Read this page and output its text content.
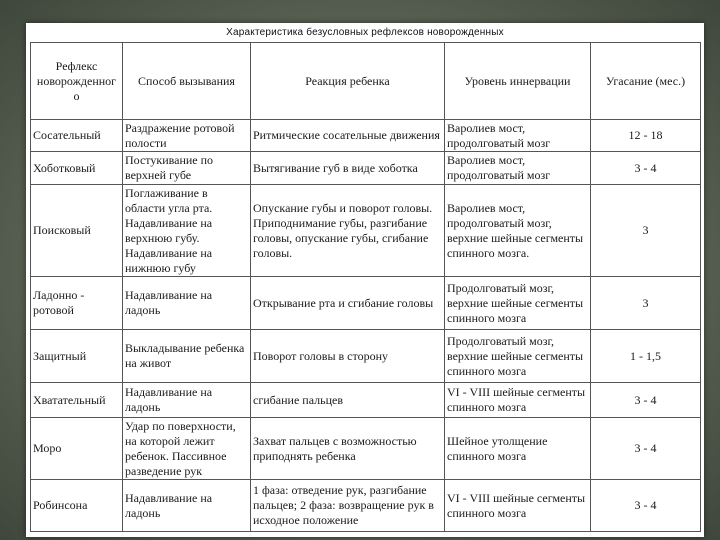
Характеристика безусловных рефлексов новорожденных
Рефлекс новорожденног о	Способ вызывания	Реакция ребенка	Уровень иннервации	Угасание (мес.)
Сосательный	Раздражение ротовой полости	Ритмические сосательные движения	Варолиев мост, продолговатый мозг	12 - 18
Хоботковый	Постукивание по верхней губе	Вытягивание губ в виде хоботка	Варолиев мост, продолговатый мозг	3 - 4
Поисковый	Поглаживание в области угла рта. Надавливание на верхнюю губу. Надавливание на нижнюю губу	Опускание губы и поворот головы. Приподнимание губы, разгибание головы, опускание губы, сгибание головы.	Варолиев мост, продолговатый мозг, верхние шейные сегменты спинного мозга.	3
Ладонно - ротовой	Надавливание на ладонь	Открывание рта и сгибание головы	Продолговатый мозг, верхние шейные сегменты спинного мозга	3
Защитный	Выкладывание ребенка на живот	Поворот головы в сторону	Продолговатый мозг, верхние шейные сегменты спинного мозга	1 - 1,5
Хватательный	Надавливание на ладонь	сгибание пальцев	VI - VIII шейные сегменты спинного мозга	3 - 4
Моро	Удар по поверхности, на которой лежит ребенок. Пассивное разведение рук	Захват пальцев с возможностью приподнять ребенка	Шейное утолщение спинного мозга	3 - 4
Робинсона	Надавливание на ладонь	1 фаза: отведение рук, разгибание пальцев; 2 фаза: возвращение рук в исходное положение	VI - VIII шейные сегменты спинного мозга	3 - 4
